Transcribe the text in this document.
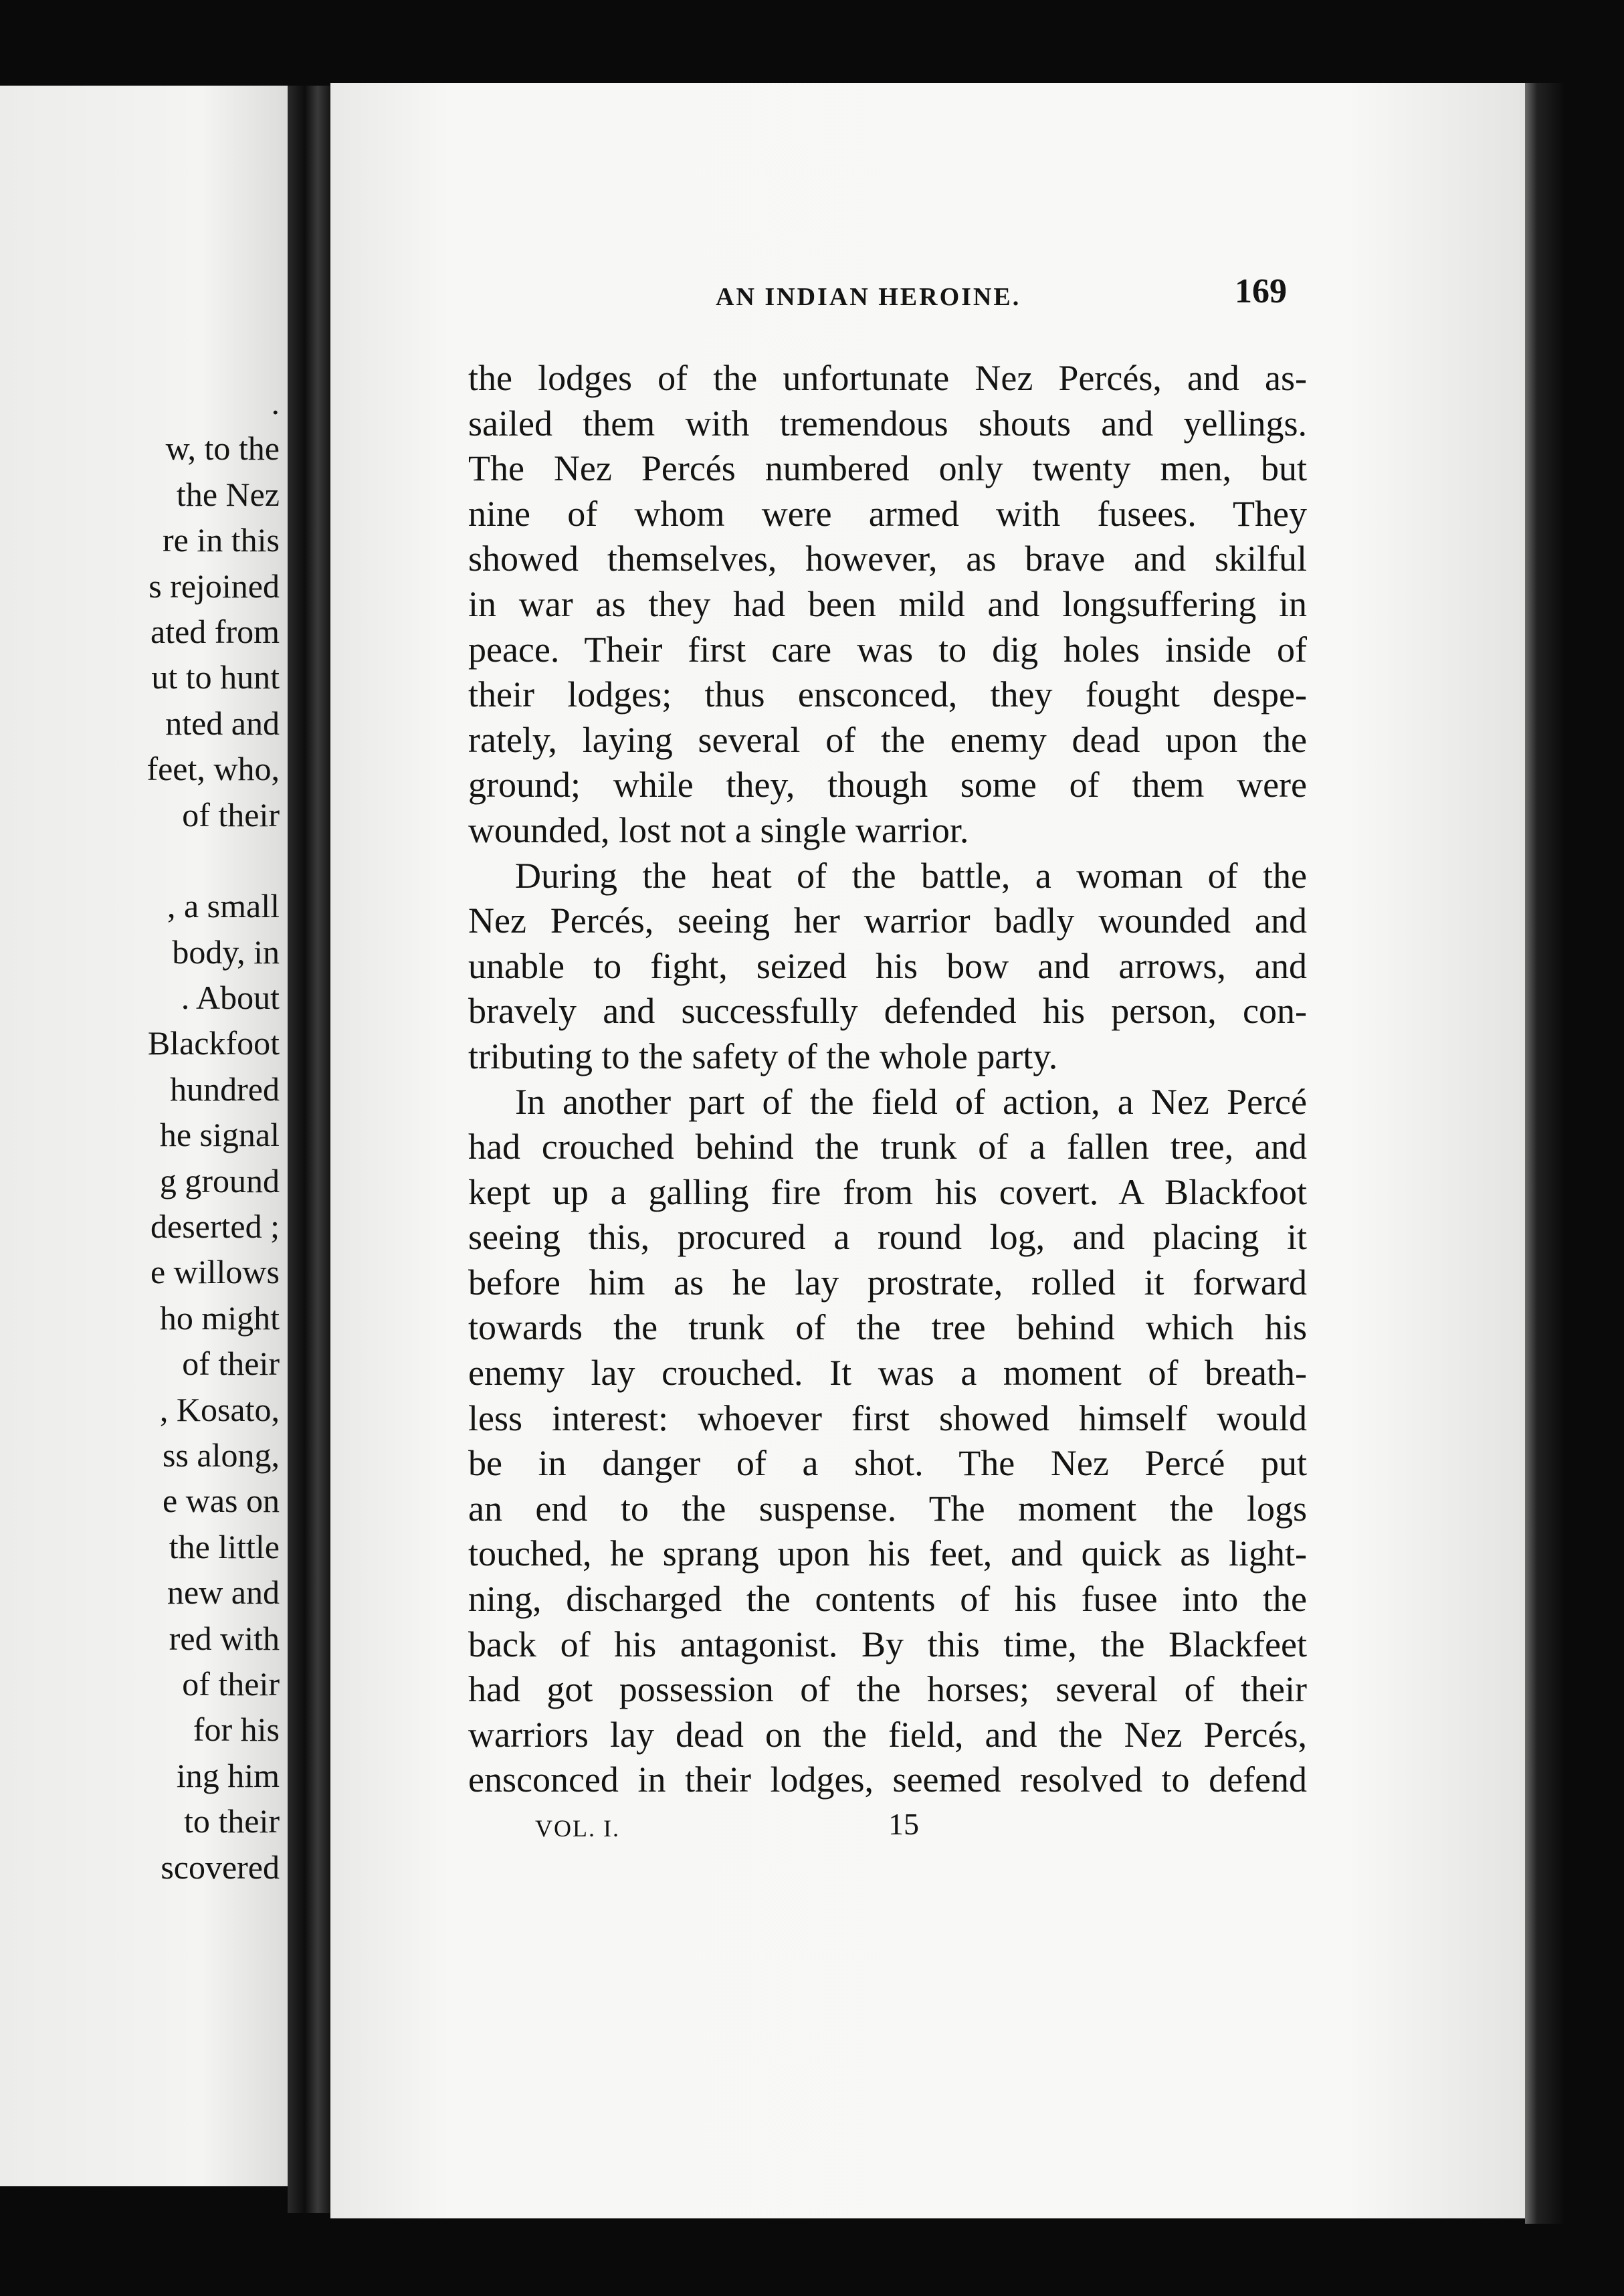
.
w, to the
the Nez
re in this
s rejoined
ated from
ut to hunt
nted and
feet, who,
of their
, a small
body, in
. About
Blackfoot
hundred
he signal
g ground
deserted ;
e willows
ho might
of their
, Kosato,
ss along,
e was on
the little
new and
red with
of their
for his
ing him
to their
scovered
AN INDIAN HEROINE.	169
the lodges of the unfortunate Nez Percés, and as-
sailed them with tremendous shouts and yellings.
The Nez Percés numbered only twenty men, but
nine of whom were armed with fusees. They
showed themselves, however, as brave and skilful
in war as they had been mild and longsuffering in
peace. Their first care was to dig holes inside of
their lodges; thus ensconced, they fought despe-
rately, laying several of the enemy dead upon the
ground; while they, though some of them were
wounded, lost not a single warrior.
During the heat of the battle, a woman of the
Nez Percés, seeing her warrior badly wounded and
unable to fight, seized his bow and arrows, and
bravely and successfully defended his person, con-
tributing to the safety of the whole party.
In another part of the field of action, a Nez Percé
had crouched behind the trunk of a fallen tree, and
kept up a galling fire from his covert. A Blackfoot
seeing this, procured a round log, and placing it
before him as he lay prostrate, rolled it forward
towards the trunk of the tree behind which his
enemy lay crouched. It was a moment of breath-
less interest: whoever first showed himself would
be in danger of a shot. The Nez Percé put
an end to the suspense. The moment the logs
touched, he sprang upon his feet, and quick as light-
ning, discharged the contents of his fusee into the
back of his antagonist. By this time, the Blackfeet
had got possession of the horses; several of their
warriors lay dead on the field, and the Nez Percés,
ensconced in their lodges, seemed resolved to defend
VOL. I.	15
